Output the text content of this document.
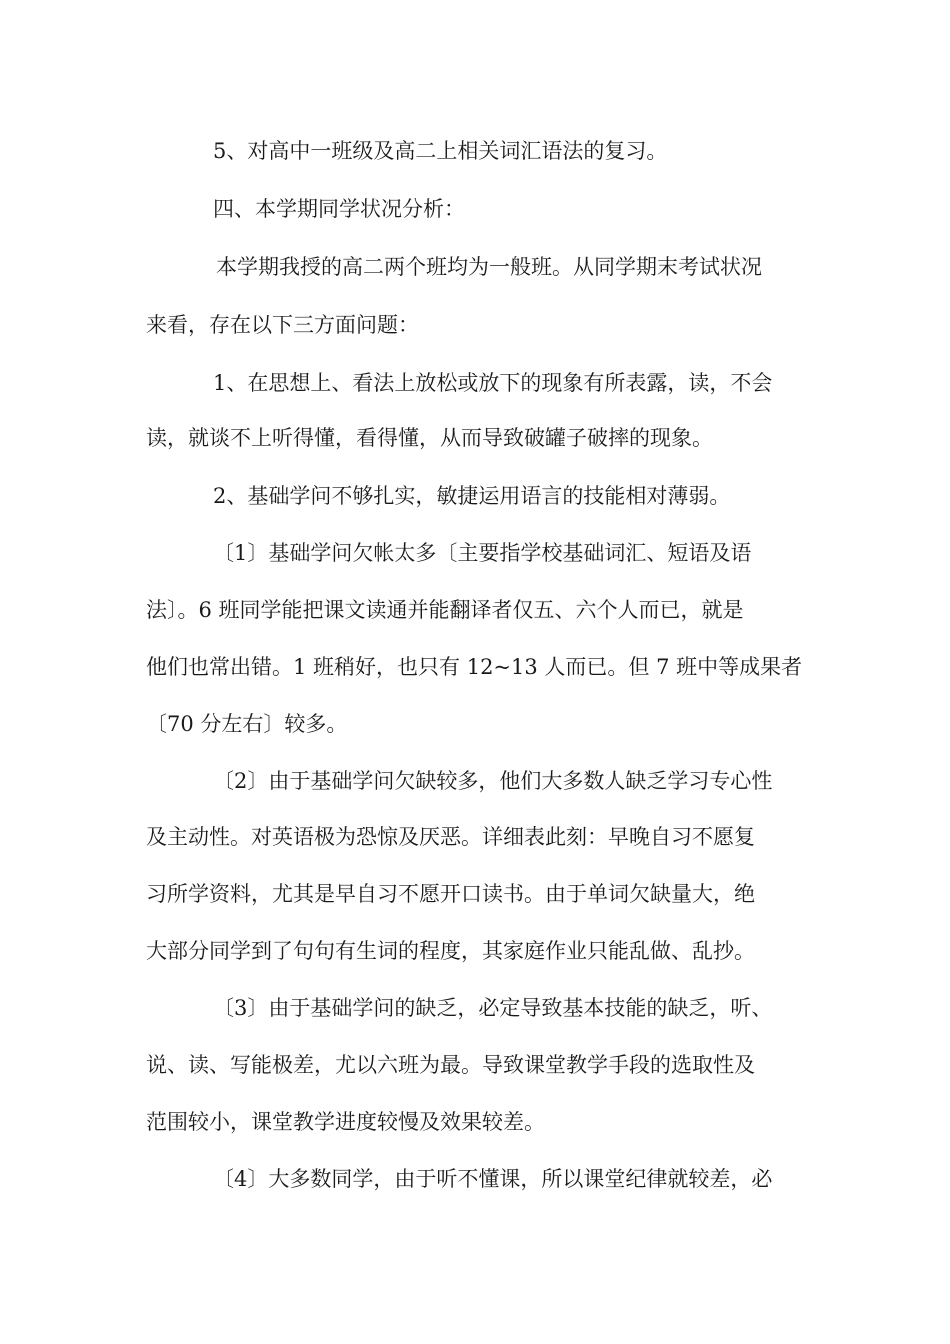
5、对高中一班级及高二上相关词汇语法的复习。

四、本学期同学状况分析：

本学期我授的高二两个班均为一般班。从同学期末考试状况

来看，存在以下三方面问题：

1、在思想上、看法上放松或放下的现象有所表露，读，不会

读，就谈不上听得懂，看得懂，从而导致破罐子破摔的现象。

2、基础学问不够扎实，敏捷运用语言的技能相对薄弱。

〔1〕基础学问欠帐太多〔主要指学校基础词汇、短语及语

法〕。6 班同学能把课文读通并能翻译者仅五、六个人而已，就是

他们也常出错。1 班稍好，也只有 12~13 人而已。但 7 班中等成果者

〔70 分左右〕较多。

〔2〕由于基础学问欠缺较多，他们大多数人缺乏学习专心性

及主动性。对英语极为恐惊及厌恶。详细表此刻：早晚自习不愿复

习所学资料，尤其是早自习不愿开口读书。由于单词欠缺量大，绝

大部分同学到了句句有生词的程度，其家庭作业只能乱做、乱抄。

〔3〕由于基础学问的缺乏，必定导致基本技能的缺乏，听、

说、读、写能极差，尤以六班为最。导致课堂教学手段的选取性及

范围较小，课堂教学进度较慢及效果较差。

〔4〕大多数同学，由于听不懂课，所以课堂纪律就较差，必
